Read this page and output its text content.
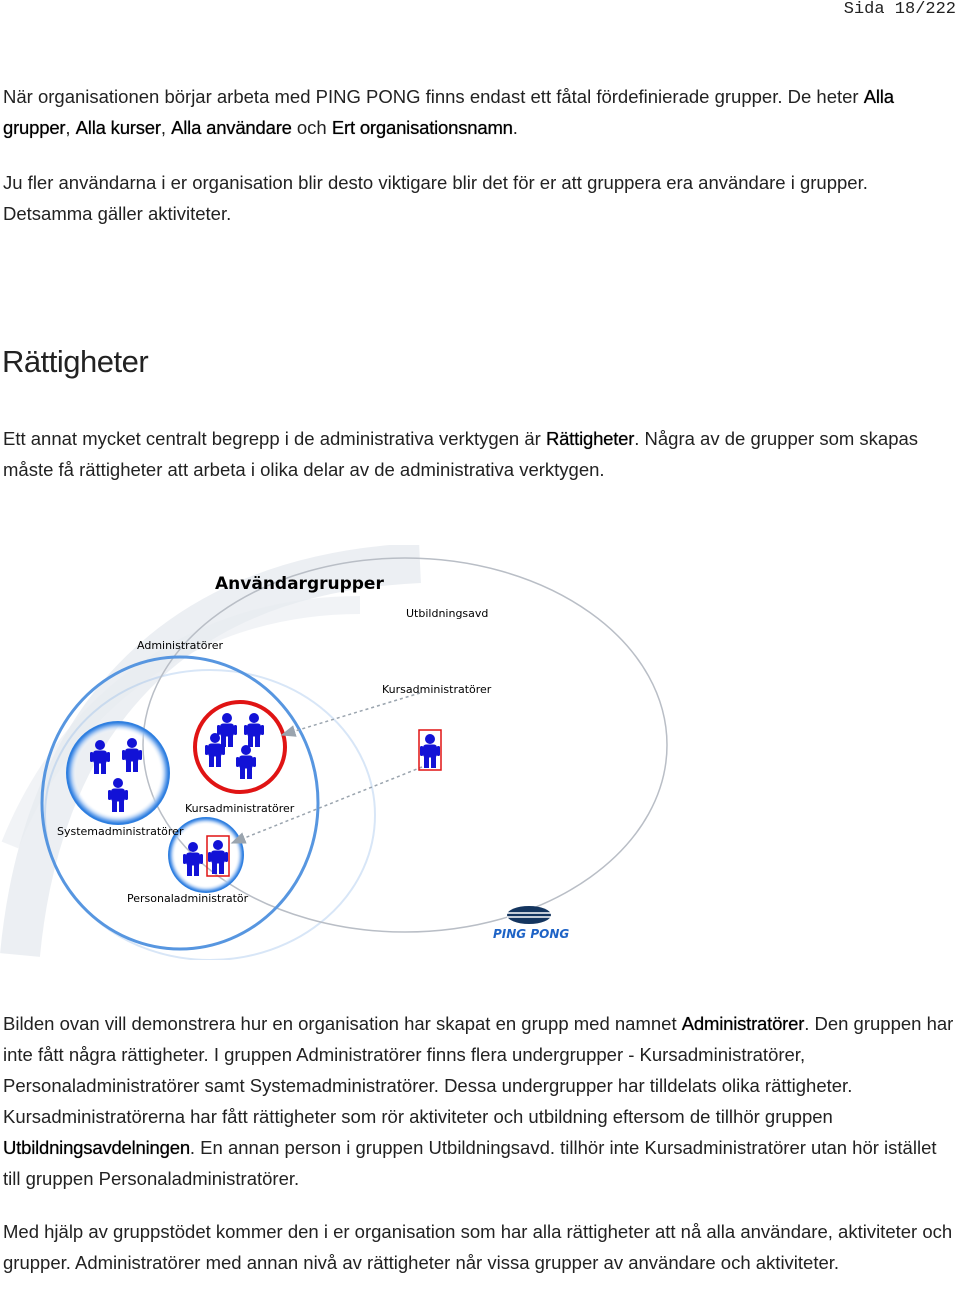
Sida 18/222

När organisationen börjar arbeta med PING PONG finns endast ett fåtal fördefinierade grupper. De heter Alla grupper, Alla kurser, Alla användare och Ert organisationsnamn.

Ju fler användarna i er organisation blir desto viktigare blir det för er att gruppera era användare i grupper. Detsamma gäller aktiviteter.

Rättigheter

Ett annat mycket centralt begrepp i de administrativa verktygen är Rättigheter. Några av de grupper som skapas måste få rättigheter att arbeta i olika delar av de administrativa verktygen.

Användargrupper
Utbildningsavd
Administratörer
Kursadministratörer
Kursadministratörer
Systemadministratörer
Personaladministratör
PING PONG

Bilden ovan vill demonstrera hur en organisation har skapat en grupp med namnet Administratörer. Den gruppen har inte fått några rättigheter. I gruppen Administratörer finns flera undergrupper - Kursadministratörer, Personaladministratörer samt Systemadministratörer. Dessa undergrupper har tilldelats olika rättigheter. Kursadministratörerna har fått rättigheter som rör aktiviteter och utbildning eftersom de tillhör gruppen Utbildningsavdelningen. En annan person i gruppen Utbildningsavd. tillhör inte Kursadministratörer utan hör istället till gruppen Personaladministratörer.

Med hjälp av gruppstödet kommer den i er organisation som har alla rättigheter att nå alla användare, aktiviteter och grupper. Administratörer med annan nivå av rättigheter når vissa grupper av användare och aktiviteter.
